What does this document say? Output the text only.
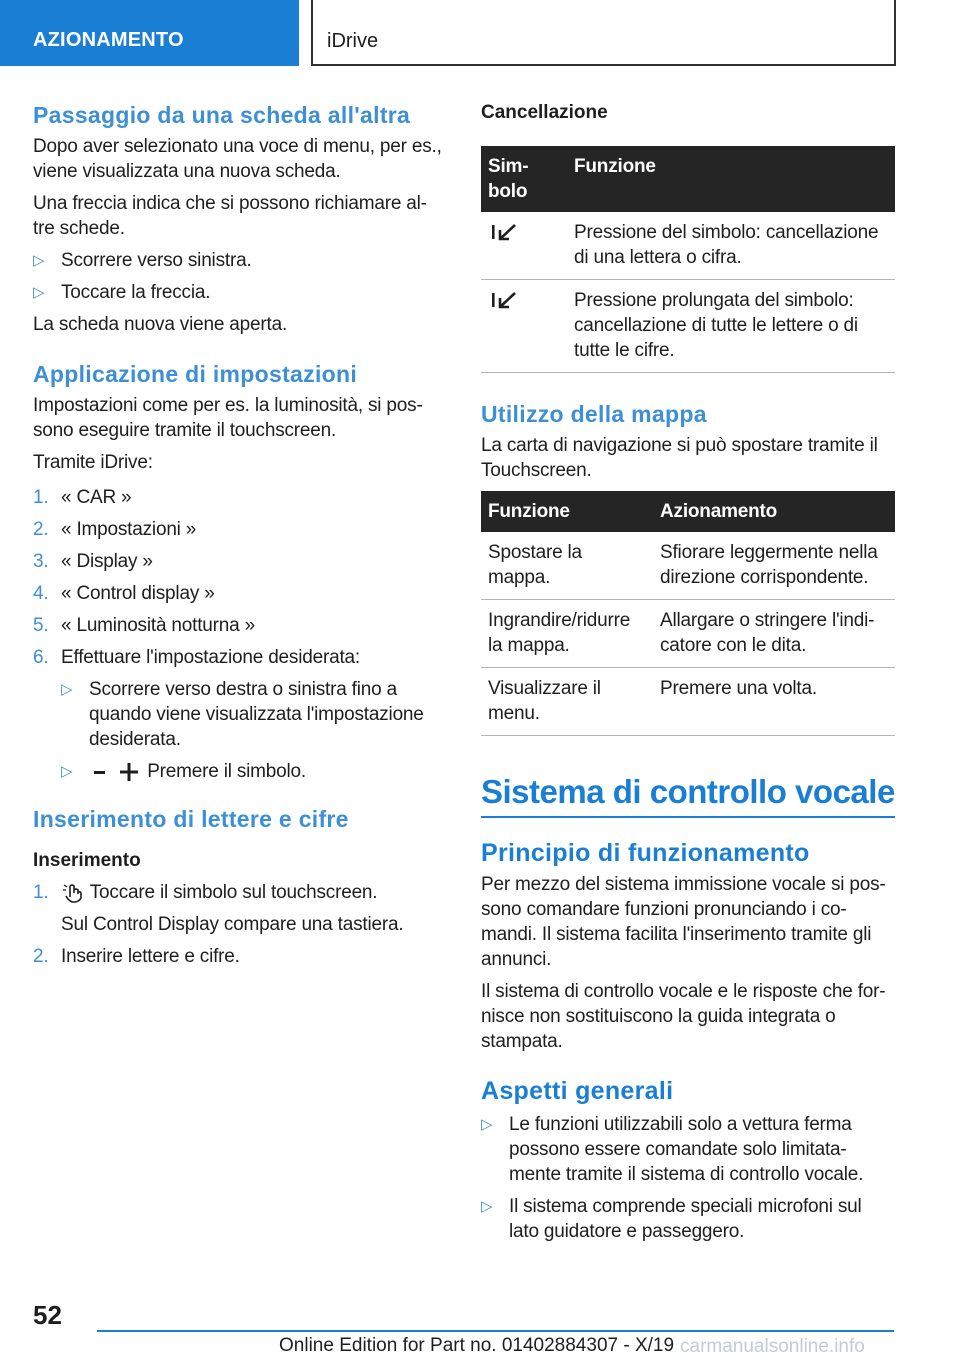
AZIONAMENTO	iDrive
Passaggio da una scheda all'altra
Dopo aver selezionato una voce di menu, per es., viene visualizzata una nuova scheda.
Una freccia indica che si possono richiamare al-tre schede.
▷ Scorrere verso sinistra.
▷ Toccare la freccia.
La scheda nuova viene aperta.
Applicazione di impostazioni
Impostazioni come per es. la luminosità, si pos-sono eseguire tramite il touchscreen.
Tramite iDrive:
1. « CAR »
2. « Impostazioni »
3. « Display »
4. « Control display »
5. « Luminosità notturna »
6. Effettuare l'impostazione desiderata:
▷ Scorrere verso destra o sinistra fino a quando viene visualizzata l'impostazione desiderata.
▷	Premere il simbolo.
Inserimento di lettere e cifre
Inserimento
1. Toccare il simbolo sul touchscreen.
Sul Control Display compare una tastiera.
2. Inserire lettere e cifre.
Cancellazione
Sim-bolo	Funzione
	Pressione del simbolo: cancellazione di una lettera o cifra.
	Pressione prolungata del simbolo: cancellazione di tutte le lettere o di tutte le cifre.
Utilizzo della mappa
La carta di navigazione si può spostare tramite il Touchscreen.
Funzione	Azionamento
Spostare la mappa.	Sfiorare leggermente nella direzione corrispondente.
Ingrandire/ridurre la mappa.	Allargare o stringere l'indi-catore con le dita.
Visualizzare il menu.	Premere una volta.
Sistema di controllo vocale
Principio di funzionamento
Per mezzo del sistema immissione vocale si pos-sono comandare funzioni pronunciando i co-mandi. Il sistema facilita l'inserimento tramite gli annunci.
Il sistema di controllo vocale e le risposte che for-nisce non sostituiscono la guida integrata o stampata.
Aspetti generali
▷ Le funzioni utilizzabili solo a vettura ferma possono essere comandate solo limitata-mente tramite il sistema di controllo vocale.
▷ Il sistema comprende speciali microfoni sul lato guidatore e passeggero.
52
Online Edition for Part no. 01402884307 - X/19 carmanualsonline.info
